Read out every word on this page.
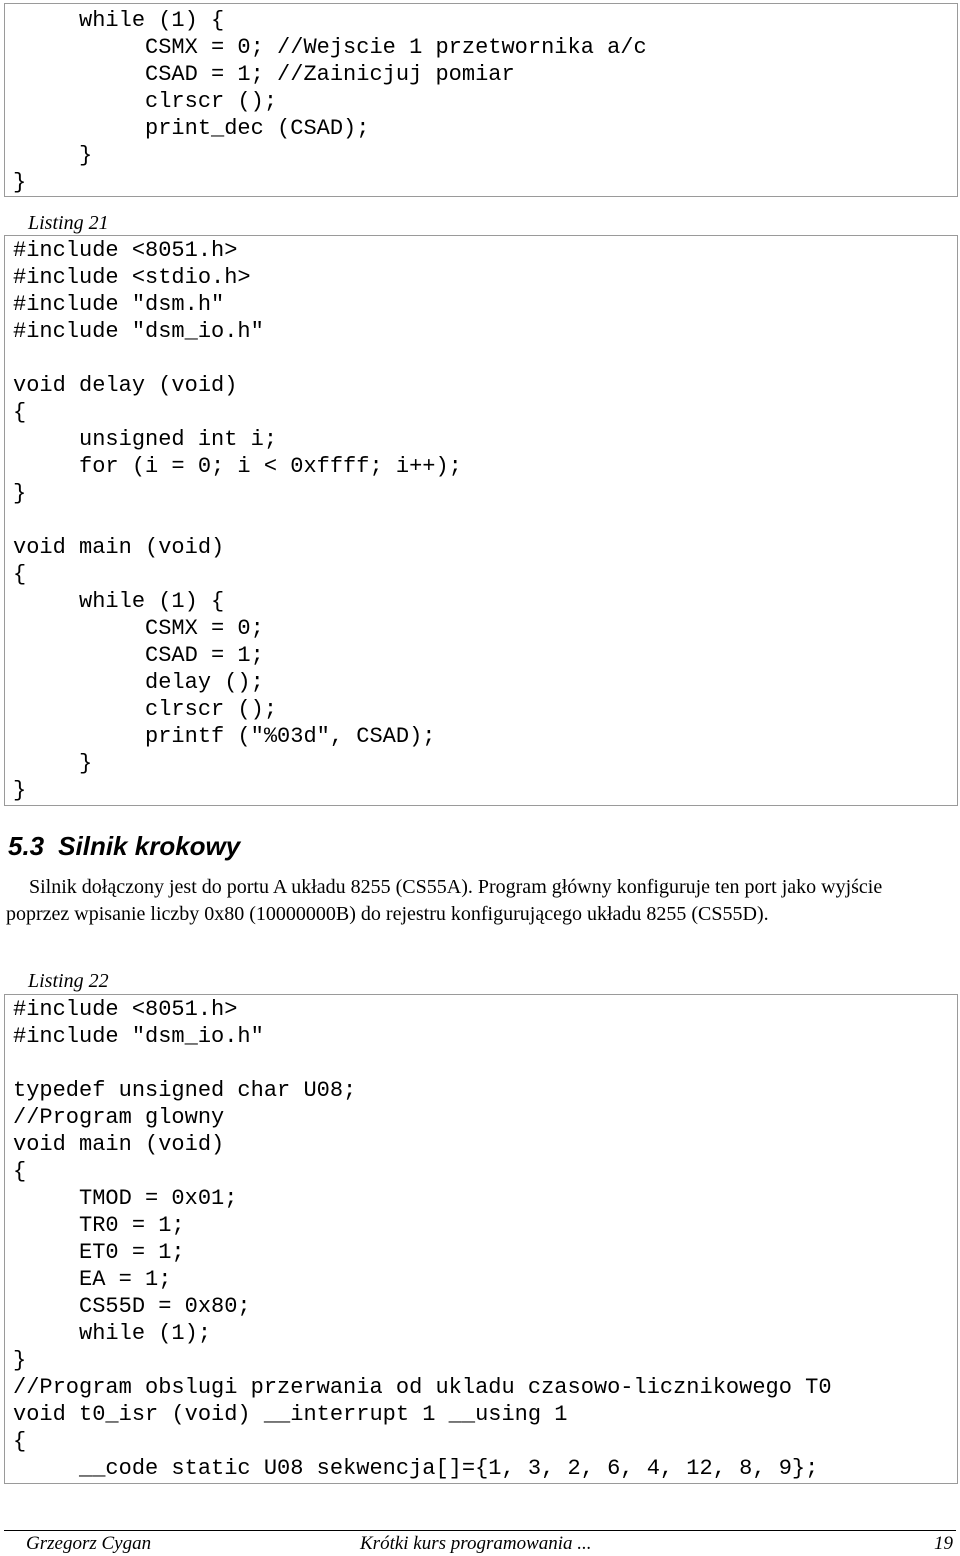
while (1) {
CSMX = 0; //Wejscie 1 przetwornika a/c
CSAD = 1; //Zainicjuj pomiar
clrscr ();
print_dec (CSAD);
}
}
Listing 21
#include <8051.h>
#include <stdio.h>
#include "dsm.h"
#include "dsm_io.h"
void delay (void)
{
unsigned int i;
for (i = 0; i < 0xffff; i++);
}
void main (void)
{
while (1) {
CSMX = 0;
CSAD = 1;
delay ();
clrscr ();
printf ("%03d", CSAD);
}
}
5.3 Silnik krokowy

Silnik dołączony jest do portu A układu 8255 (CS55A). Program główny konfiguruje ten port jako wyjście poprzez wpisanie liczby 0x80 (10000000B) do rejestru konfigurującego układu 8255 (CS55D).

Listing 22
#include <8051.h>
#include "dsm_io.h"
typedef unsigned char U08;
//Program glowny
void main (void)
{
TMOD = 0x01;
TR0 = 1;
ET0 = 1;
EA = 1;
CS55D = 0x80;
while (1);
}
//Program obslugi przerwania od ukladu czasowo-licznikowego T0
void t0_isr (void) __interrupt 1 __using 1
{
__code static U08 sekwencja[]={1, 3, 2, 6, 4, 12, 8, 9};
Grzegorz Cygan	Krótki kurs programowania ...	19
